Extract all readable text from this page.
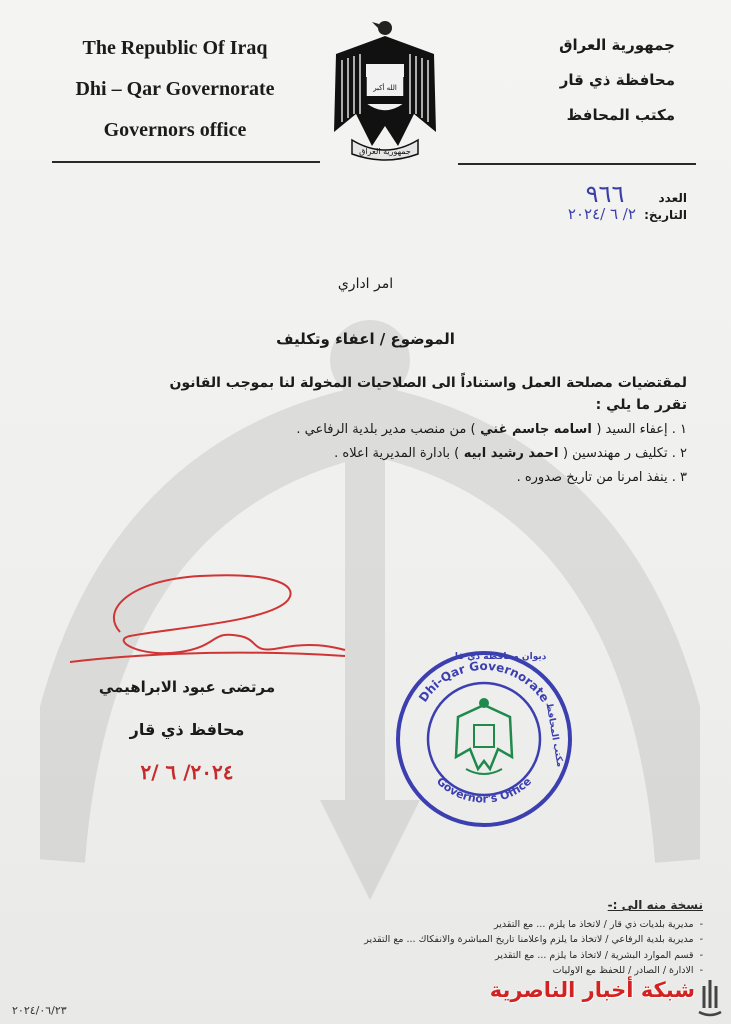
The Republic Of Iraq
Dhi – Qar Governorate
Governors office
جمهورية العراق
محافظة ذي قار
مكتب المحافظ
الله أكبر
جمهورية العراق
العدد ٩٦٦
التاريخ: ٢/ ٦ /٢٠٢٤
امر اداري
الموضوع / اعفاء وتكليف
لمقتضيات مصلحة العمل واستناداً الى الصلاحيات المخولة لنا بموجب القانون
تقرر ما يلي :
١ . إعفاء السيد ( اسامه جاسم غني ) من منصب مدير بلدية الرفاعي .
٢ . تكليف ر مهندسين ( احمد رشيد ابيه ) بادارة المديرية اعلاه .
٣ . ينفذ امرنا من تاريخ صدوره .
مرتضى عبود الابراهيمي
محافظ ذي قار
٢٠٢٤/ ٦ /٢
Dhi-Qar Governorate
Governor's Office
ديوان محافظة ذي قار
مكتب المحافظ
نسخة منه الى :-
- مديرية بلديات ذي قار / لاتخاذ ما يلزم ... مع التقدير
- مديرية بلدية الرفاعي / لاتخاذ ما يلزم واعلامنا تاريخ المباشرة والانفكاك ... مع التقدير
- قسم الموارد البشرية / لاتخاذ ما يلزم ... مع التقدير
- الادارة / الصادر / للحفظ مع الاوليات
٢٠٢٤/٠٦/٢٣
شبكة أخبار الناصرية
